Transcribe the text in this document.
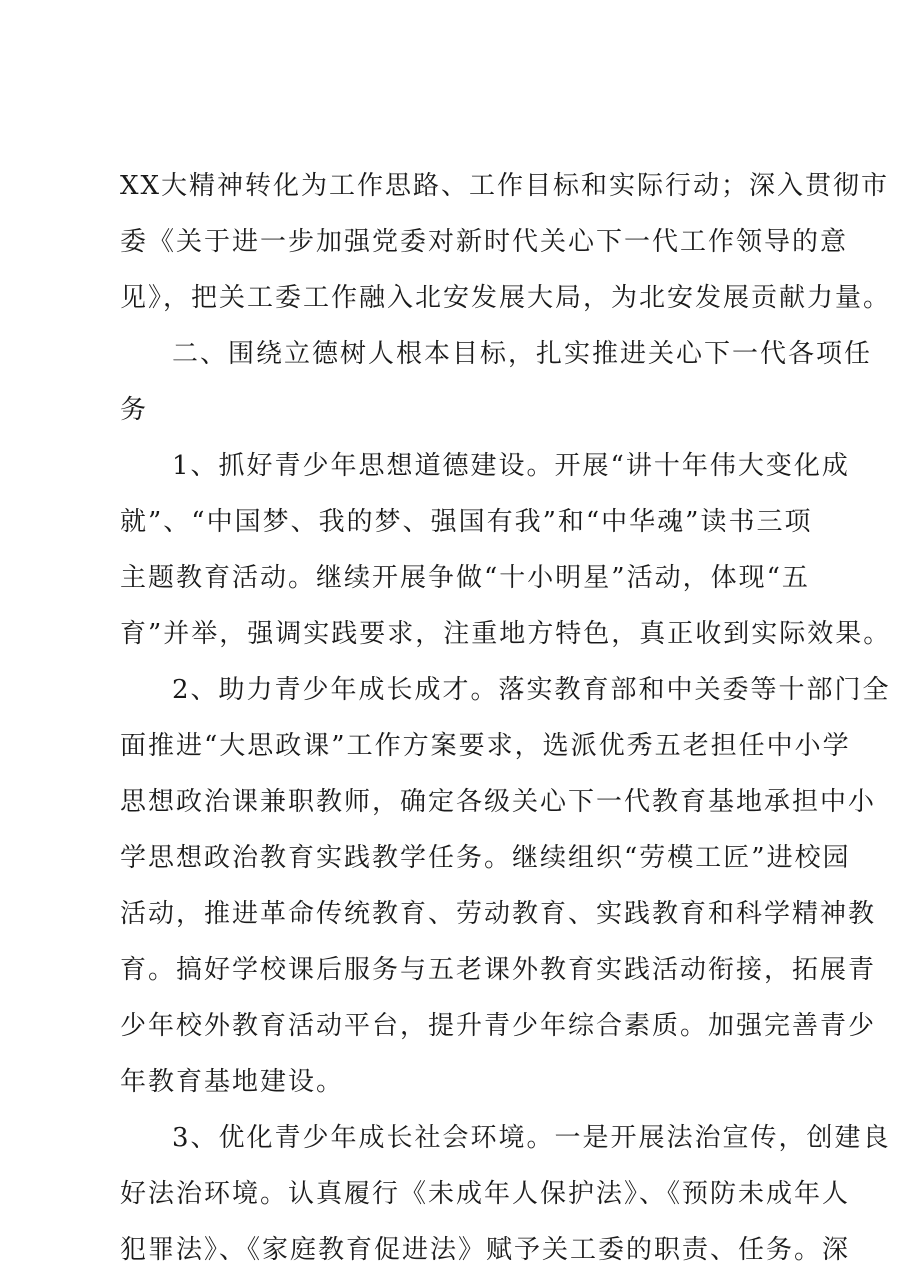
XX大精神转化为工作思路、工作目标和实际行动；深入贯彻市
委《关于进一步加强党委对新时代关心下一代工作领导的意
见》，把关工委工作融入北安发展大局，为北安发展贡献力量。
二、围绕立德树人根本目标，扎实推进关心下一代各项任
务
1、抓好青少年思想道德建设。开展“讲十年伟大变化成
就”、“中国梦、我的梦、强国有我”和“中华魂”读书三项
主题教育活动。继续开展争做“十小明星”活动，体现“五
育”并举，强调实践要求，注重地方特色，真正收到实际效果。
2、助力青少年成长成才。落实教育部和中关委等十部门全
面推进“大思政课”工作方案要求，选派优秀五老担任中小学
思想政治课兼职教师，确定各级关心下一代教育基地承担中小
学思想政治教育实践教学任务。继续组织“劳模工匠”进校园
活动，推进革命传统教育、劳动教育、实践教育和科学精神教
育。搞好学校课后服务与五老课外教育实践活动衔接，拓展青
少年校外教育活动平台，提升青少年综合素质。加强完善青少
年教育基地建设。
3、优化青少年成长社会环境。一是开展法治宣传，创建良
好法治环境。认真履行《未成年人保护法》、《预防未成年人
犯罪法》、《家庭教育促进法》赋予关工委的职责、任务。深
